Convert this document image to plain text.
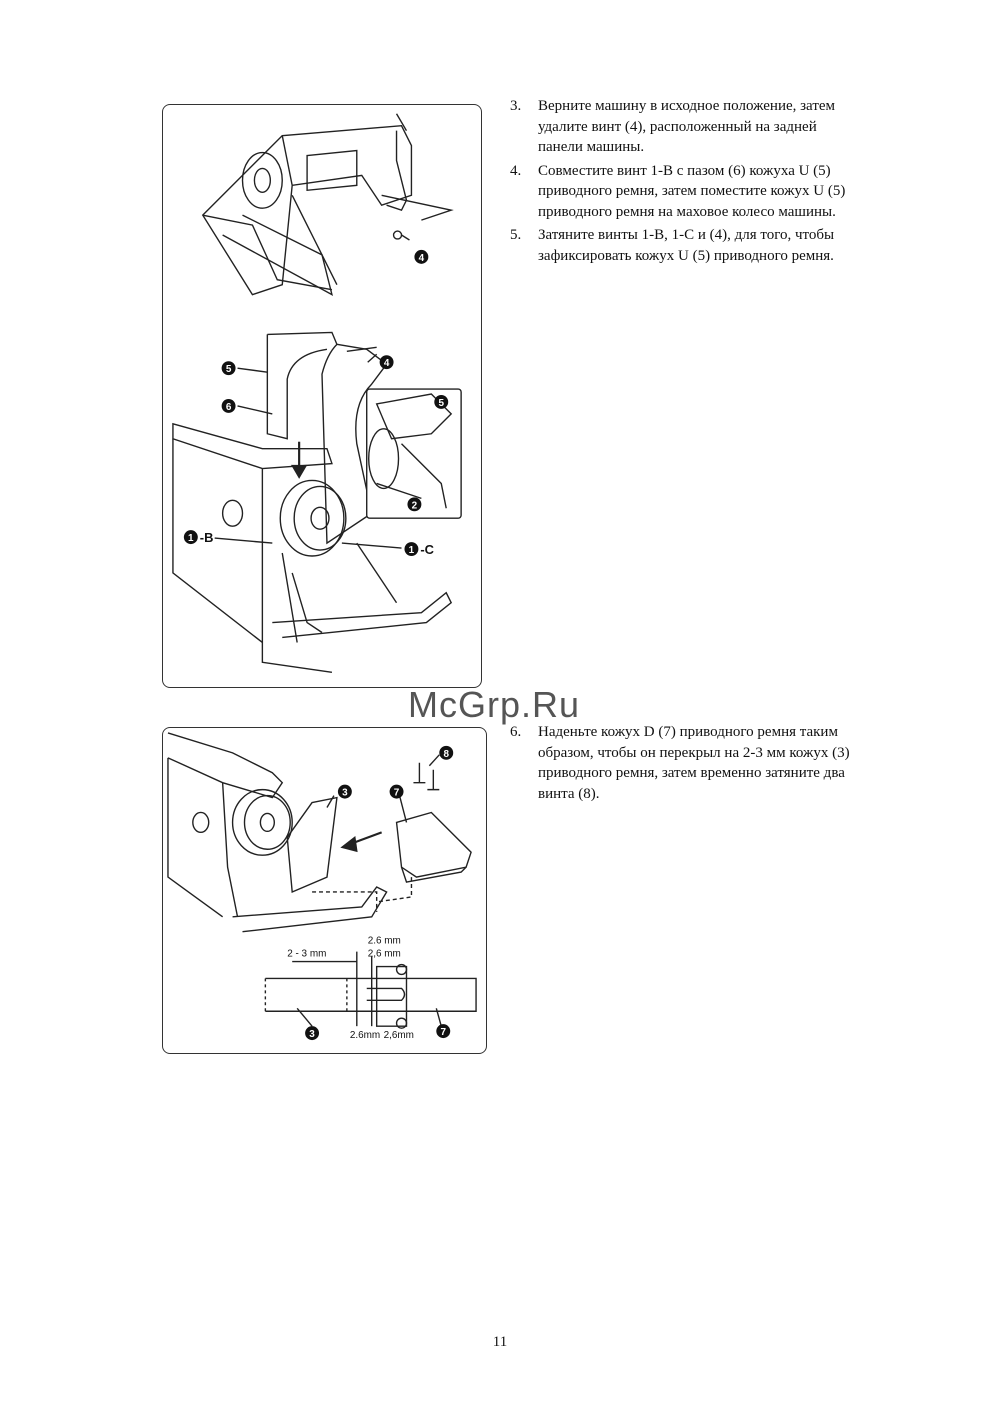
4
4
5
6	5
2
1
1
-B
-C
8
3	7
3	7
2 - 3 mm
2.6 mm
2,6 mm
2.6mm 2,6mm
3. Верните машину в исходное положение, затем удалите винт (4), расположенный на задней панели машины.
4. Совместите винт 1-B с пазом (6) кожуха U (5) приводного ремня, затем поместите кожух U (5) приводного ремня на маховое колесо машины.
5. Затяните винты 1-B, 1-C и (4), для того, чтобы зафиксировать кожух U (5) приводного ремня.
McGrp.Ru
6. Наденьте кожух D (7) приводного ремня таким образом, чтобы он перекрыл на 2-3 мм кожух (3) приводного ремня, затем временно затяните два винта (8).
11
